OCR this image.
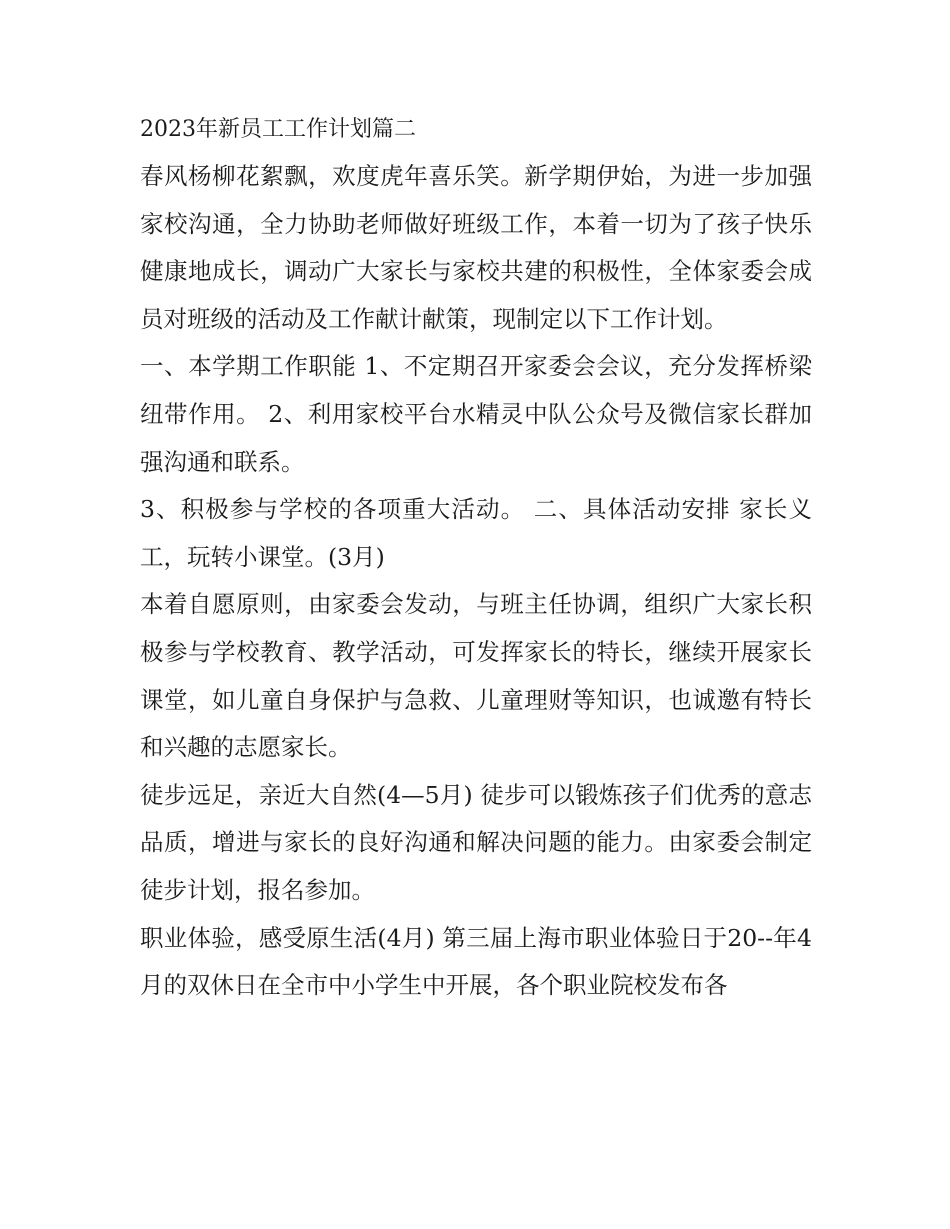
2023年新员工工作计划篇二

春风杨柳花絮飘，欢度虎年喜乐笑。新学期伊始，为进一步加强家校沟通，全力协助老师做好班级工作，本着一切为了孩子快乐健康地成长，调动广大家长与家校共建的积极性，全体家委会成员对班级的活动及工作献计献策，现制定以下工作计划。

一、本学期工作职能 1、不定期召开家委会会议，充分发挥桥梁纽带作用。 2、利用家校平台水精灵中队公众号及微信家长群加强沟通和联系。

3、积极参与学校的各项重大活动。 二、具体活动安排 家长义工，玩转小课堂。(3月)

本着自愿原则，由家委会发动，与班主任协调，组织广大家长积极参与学校教育、教学活动，可发挥家长的特长，继续开展家长课堂，如儿童自身保护与急救、儿童理财等知识，也诚邀有特长和兴趣的志愿家长。

徒步远足，亲近大自然(4—5月) 徒步可以锻炼孩子们优秀的意志品质，增进与家长的良好沟通和解决问题的能力。由家委会制定徒步计划，报名参加。

职业体验，感受原生活(4月) 第三届上海市职业体验日于20--年4月的双休日在全市中小学生中开展，各个职业院校发布各
